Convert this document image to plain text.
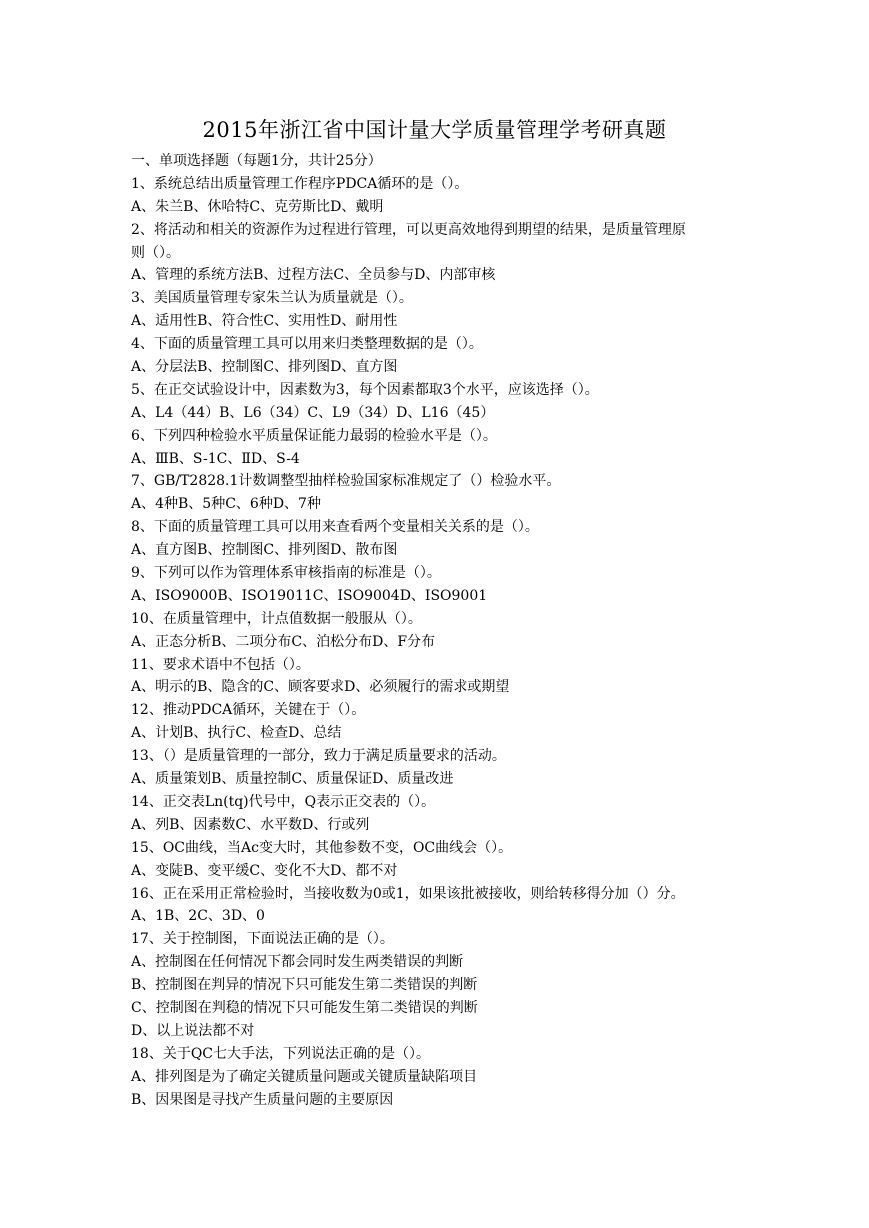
2015年浙江省中国计量大学质量管理学考研真题
一、单项选择题（每题1分，共计25分）
1、系统总结出质量管理工作程序PDCA循环的是（）。
A、朱兰B、休哈特C、克劳斯比D、戴明
2、将活动和相关的资源作为过程进行管理，可以更高效地得到期望的结果，是质量管理原
则（）。
A、管理的系统方法B、过程方法C、全员参与D、内部审核
3、美国质量管理专家朱兰认为质量就是（）。
A、适用性B、符合性C、实用性D、耐用性
4、下面的质量管理工具可以用来归类整理数据的是（）。
A、分层法B、控制图C、排列图D、直方图
5、在正交试验设计中，因素数为3，每个因素都取3个水平，应该选择（）。
A、L4（44）B、L6（34）C、L9（34）D、L16（45）
6、下列四种检验水平质量保证能力最弱的检验水平是（）。
A、ⅢB、S-1C、ⅡD、S-4
7、GB/T2828.1计数调整型抽样检验国家标准规定了（）检验水平。
A、4种B、5种C、6种D、7种
8、下面的质量管理工具可以用来查看两个变量相关关系的是（）。
A、直方图B、控制图C、排列图D、散布图
9、下列可以作为管理体系审核指南的标准是（）。
A、ISO9000B、ISO19011C、ISO9004D、ISO9001
10、在质量管理中，计点值数据一般服从（）。
A、正态分析B、二项分布C、泊松分布D、F分布
11、要求术语中不包括（）。
A、明示的B、隐含的C、顾客要求D、必须履行的需求或期望
12、推动PDCA循环，关键在于（）。
A、计划B、执行C、检查D、总结
13、（）是质量管理的一部分，致力于满足质量要求的活动。
A、质量策划B、质量控制C、质量保证D、质量改进
14、正交表Ln(tq)代号中，Q表示正交表的（）。
A、列B、因素数C、水平数D、行或列
15、OC曲线，当Ac变大时，其他参数不变，OC曲线会（）。
A、变陡B、变平缓C、变化不大D、都不对
16、正在采用正常检验时，当接收数为0或1，如果该批被接收，则给转移得分加（）分。
A、1B、2C、3D、0
17、关于控制图，下面说法正确的是（）。
A、控制图在任何情况下都会同时发生两类错误的判断
B、控制图在判异的情况下只可能发生第二类错误的判断
C、控制图在判稳的情况下只可能发生第二类错误的判断
D、以上说法都不对
18、关于QC七大手法，下列说法正确的是（）。
A、排列图是为了确定关键质量问题或关键质量缺陷项目
B、因果图是寻找产生质量问题的主要原因
